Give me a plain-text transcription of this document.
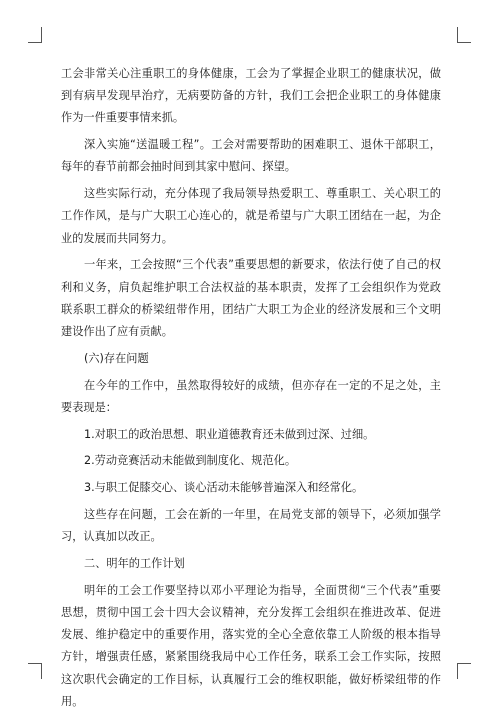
工会非常关心注重职工的身体健康，工会为了掌握企业职工的健康状况，做到有病早发现早治疗，无病要防备的方针，我们工会把企业职工的身体健康作为一件重要事情来抓。

深入实施“送温暖工程”。工会对需要帮助的困难职工、退休干部职工，每年的春节前都会抽时间到其家中慰问、探望。

这些实际行动，充分体现了我局领导热爱职工、尊重职工、关心职工的工作作风，是与广大职工心连心的，就是希望与广大职工团结在一起，为企业的发展而共同努力。

一年来，工会按照“三个代表”重要思想的新要求，依法行使了自己的权利和义务，肩负起维护职工合法权益的基本职责，发挥了工会组织作为党政联系职工群众的桥梁纽带作用，团结广大职工为企业的经济发展和三个文明建设作出了应有贡献。

(六)存在问题

在今年的工作中，虽然取得较好的成绩，但亦存在一定的不足之处，主要表现是：

1.对职工的政治思想、职业道德教育还未做到过深、过细。

2.劳动竞赛活动未能做到制度化、规范化。

3.与职工促膝交心、谈心活动未能够普遍深入和经常化。

这些存在问题，工会在新的一年里，在局党支部的领导下，必须加强学习，认真加以改正。

二、明年的工作计划

明年的工会工作要坚持以邓小平理论为指导，全面贯彻“三个代表”重要思想，贯彻中国工会十四大会议精神，充分发挥工会组织在推进改革、促进发展、维护稳定中的重要作用，落实党的全心全意依靠工人阶级的根本指导方针，增强责任感，紧紧围绕我局中心工作任务，联系工会工作实际，按照这次职代会确定的工作目标，认真履行工会的维权职能，做好桥梁纽带的作用。
